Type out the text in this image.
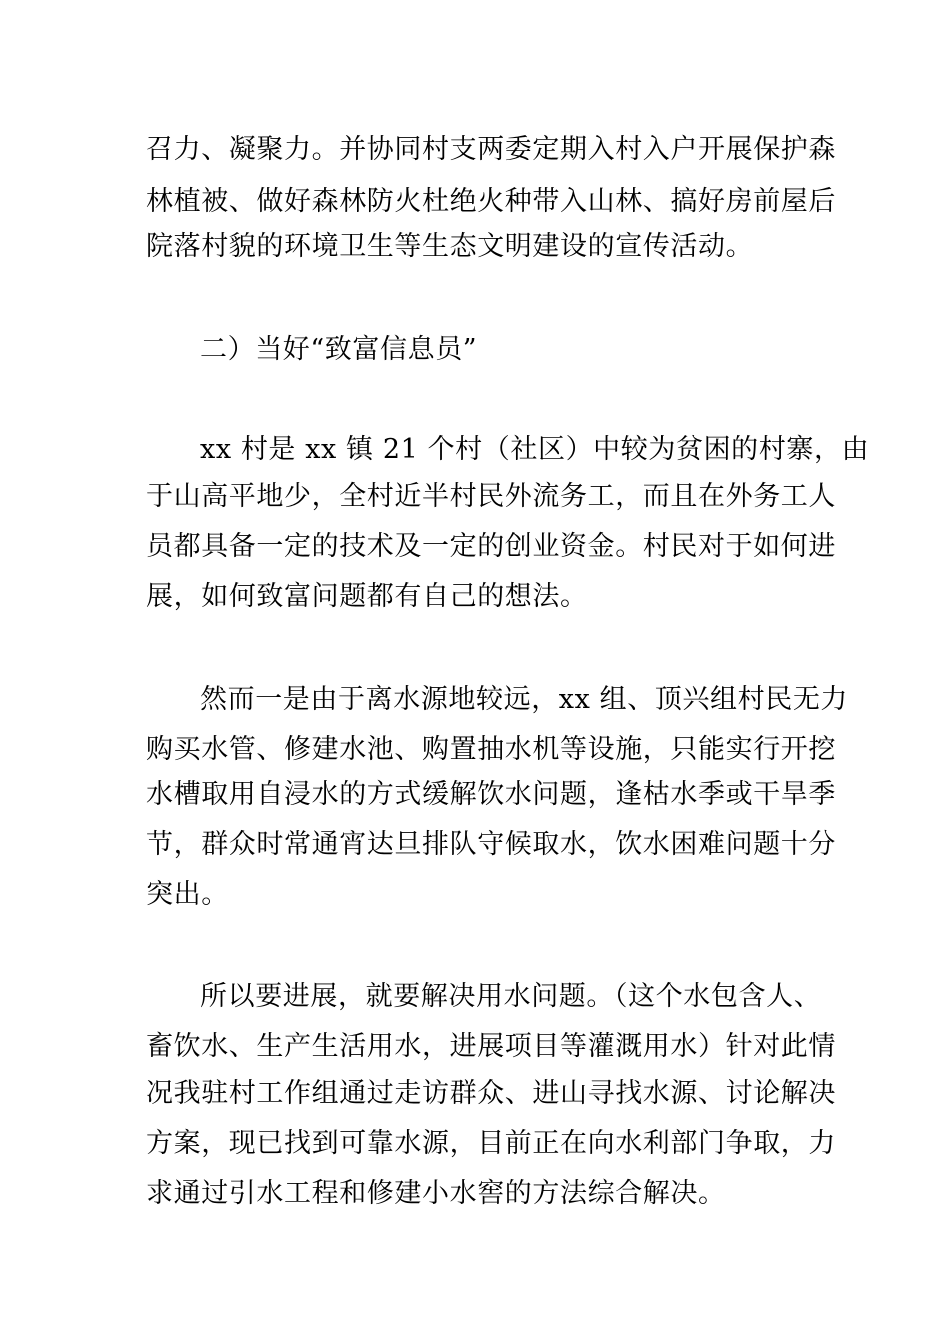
召力、凝聚力。并协同村支两委定期入村入户开展保护森
林植被、做好森林防火杜绝火种带入山林、搞好房前屋后
院落村貌的环境卫生等生态文明建设的宣传活动。
二）当好“致富信息员”
xx 村是 xx 镇 21 个村（社区）中较为贫困的村寨，由
于山高平地少，全村近半村民外流务工，而且在外务工人
员都具备一定的技术及一定的创业资金。村民对于如何进
展，如何致富问题都有自己的想法。
然而一是由于离水源地较远，xx 组、顶兴组村民无力
购买水管、修建水池、购置抽水机等设施，只能实行开挖
水槽取用自浸水的方式缓解饮水问题，逢枯水季或干旱季
节，群众时常通宵达旦排队守候取水，饮水困难问题十分
突出。
所以要进展，就要解决用水问题。（这个水包含人、
畜饮水、生产生活用水，进展项目等灌溉用水）针对此情
况我驻村工作组通过走访群众、进山寻找水源、讨论解决
方案，现已找到可靠水源，目前正在向水利部门争取，力
求通过引水工程和修建小水窖的方法综合解决。
